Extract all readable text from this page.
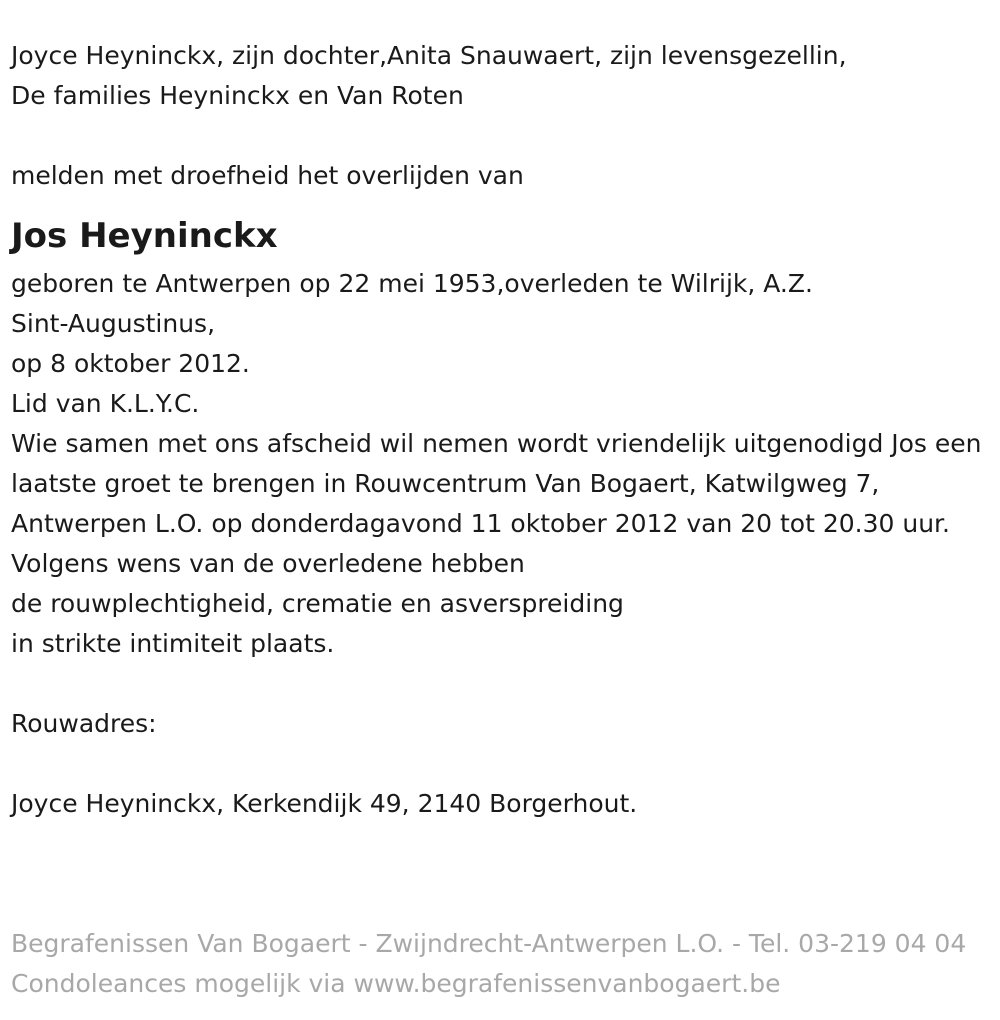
Joyce Heyninckx, zijn dochter,Anita Snauwaert, zijn levensgezellin,
De families Heyninckx en Van Roten
melden met droefheid het overlijden van
Jos Heyninckx
geboren te Antwerpen op 22 mei 1953,overleden te Wilrijk, A.Z.
Sint-Augustinus,
op 8 oktober 2012.
Lid van K.L.Y.C.
Wie samen met ons afscheid wil nemen wordt vriendelijk uitgenodigd Jos een laatste groet te brengen in Rouwcentrum Van Bogaert, Katwilgweg 7, Antwerpen L.O. op donderdagavond 11 oktober 2012 van 20 tot 20.30 uur.
Volgens wens van de overledene hebben
de rouwplechtigheid, crematie en asverspreiding
in strikte intimiteit plaats.
Rouwadres:
Joyce Heyninckx, Kerkendijk 49, 2140 Borgerhout.
Begrafenissen Van Bogaert - Zwijndrecht-Antwerpen L.O. - Tel. 03-219 04 04 Condoleances mogelijk via www.begrafenissenvanbogaert.be
